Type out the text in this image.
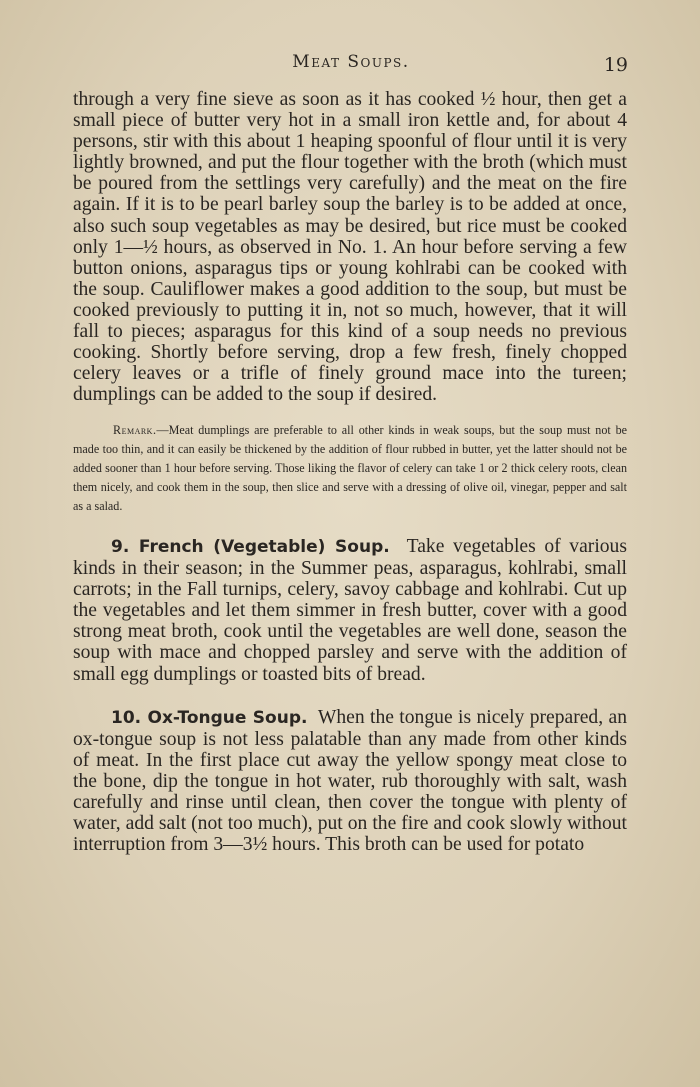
Meat Soups.	19

through a very fine sieve as soon as it has cooked ½ hour, then get a small piece of butter very hot in a small iron kettle and, for about 4 persons, stir with this about 1 heaping spoonful of flour until it is very lightly browned, and put the flour together with the broth (which must be poured from the settlings very carefully) and the meat on the fire again. If it is to be pearl barley soup the barley is to be added at once, also such soup vegetables as may be desired, but rice must be cooked only 1—½ hours, as observed in No. 1. An hour before serving a few button onions, asparagus tips or young kohlrabi can be cooked with the soup. Cauliflower makes a good addition to the soup, but must be cooked previously to putting it in, not so much, however, that it will fall to pieces; asparagus for this kind of a soup needs no previous cooking. Shortly before serving, drop a few fresh, finely chopped celery leaves or a trifle of finely ground mace into the tureen; dumplings can be added to the soup if desired.

Remark.—Meat dumplings are preferable to all other kinds in weak soups, but the soup must not be made too thin, and it can easily be thickened by the addition of flour rubbed in butter, yet the latter should not be added sooner than 1 hour before serving. Those liking the flavor of celery can take 1 or 2 thick celery roots, clean them nicely, and cook them in the soup, then slice and serve with a dressing of olive oil, vinegar, pepper and salt as a salad.

9. French (Vegetable) Soup. Take vegetables of various kinds in their season; in the Summer peas, asparagus, kohlrabi, small carrots; in the Fall turnips, celery, savoy cabbage and kohlrabi. Cut up the vegetables and let them simmer in fresh butter, cover with a good strong meat broth, cook until the vegetables are well done, season the soup with mace and chopped parsley and serve with the addition of small egg dumplings or toasted bits of bread.

10. Ox-Tongue Soup. When the tongue is nicely prepared, an ox-tongue soup is not less palatable than any made from other kinds of meat. In the first place cut away the yellow spongy meat close to the bone, dip the tongue in hot water, rub thoroughly with salt, wash carefully and rinse until clean, then cover the tongue with plenty of water, add salt (not too much), put on the fire and cook slowly without interruption from 3—3½ hours. This broth can be used for potato
